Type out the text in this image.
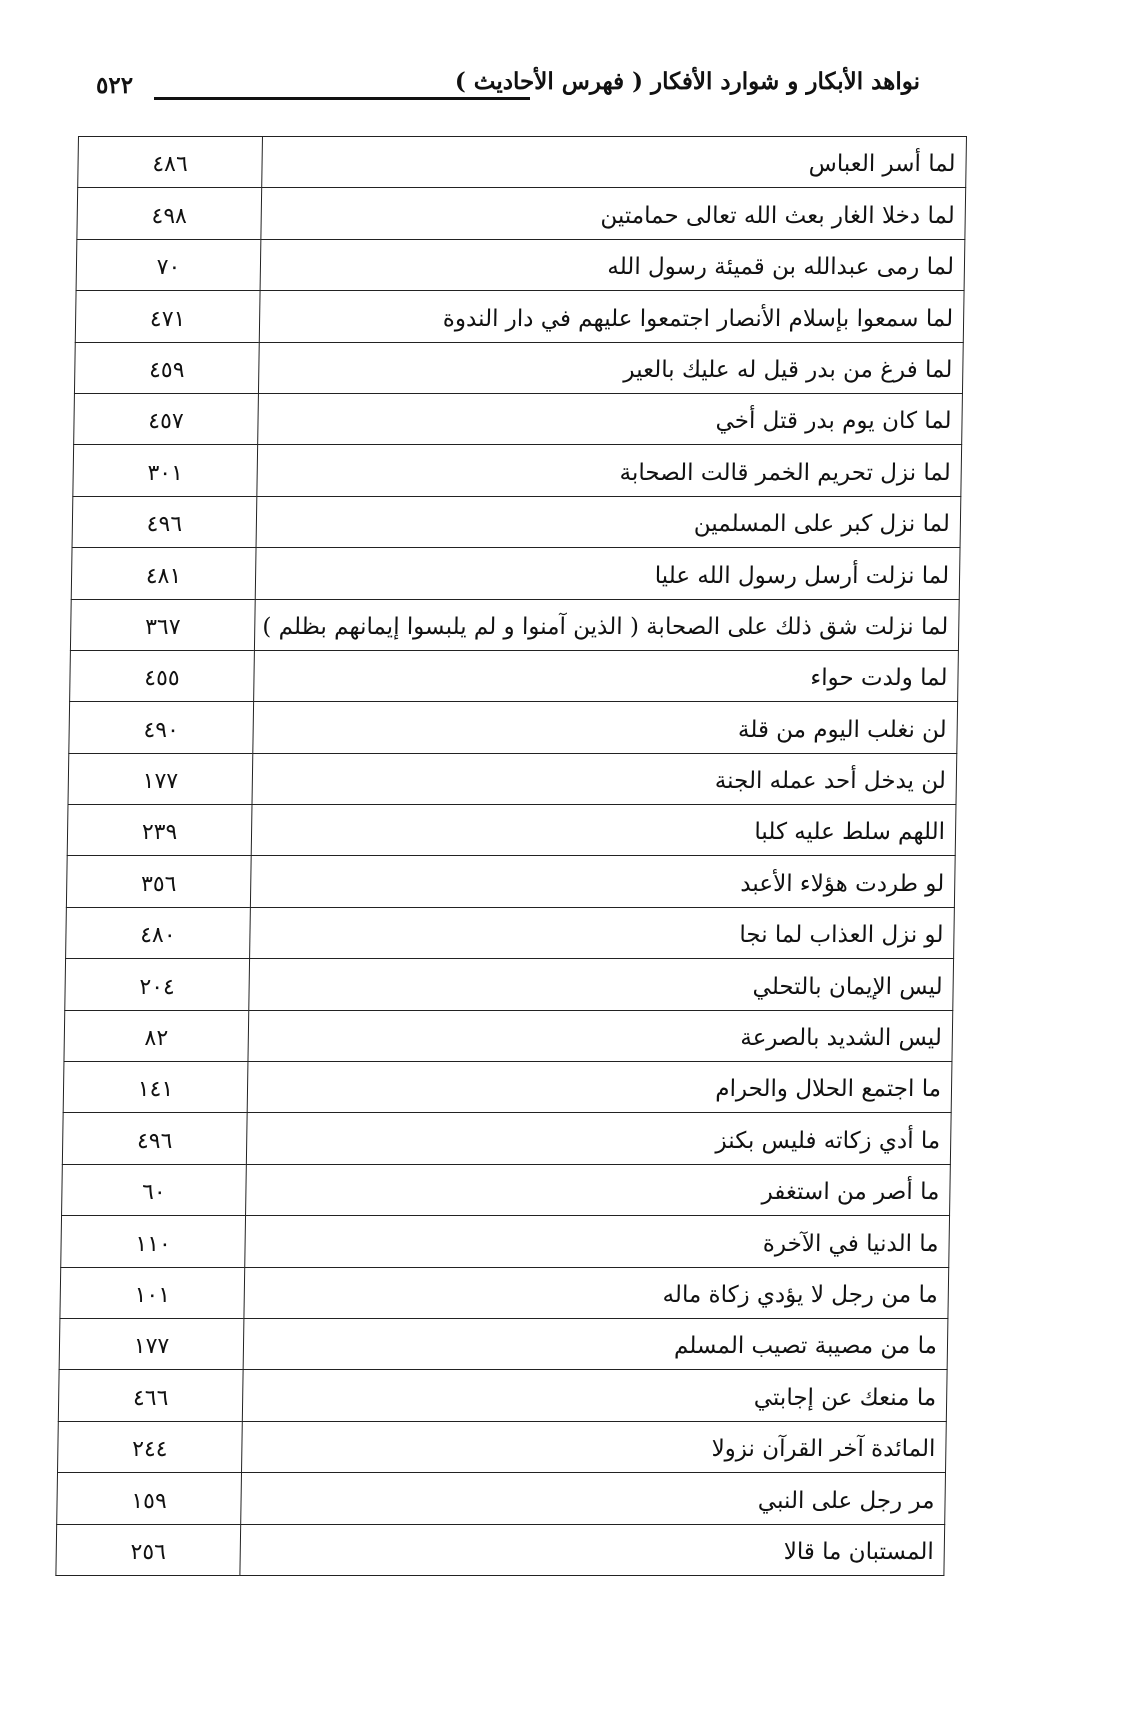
نواهد الأبكار و شوارد الأفكار ( فهرس الأحاديث )
٥٢٢
لما أسر العباس	٤٨٦
لما دخلا الغار بعث الله تعالى حمامتين	٤٩٨
لما رمى عبدالله بن قميئة رسول الله	٧٠
لما سمعوا بإسلام الأنصار اجتمعوا عليهم في دار الندوة	٤٧١
لما فرغ من بدر قيل له عليك بالعير	٤٥٩
لما كان يوم بدر قتل أخي	٤٥٧
لما نزل تحريم الخمر قالت الصحابة	٣٠١
لما نزل كبر على المسلمين	٤٩٦
لما نزلت أرسل رسول الله عليا	٤٨١
لما نزلت شق ذلك على الصحابة ( الذين آمنوا و لم يلبسوا إيمانهم بظلم )	٣٦٧
لما ولدت حواء	٤٥٥
لن نغلب اليوم من قلة	٤٩٠
لن يدخل أحد عمله الجنة	١٧٧
اللهم سلط عليه كلبا	٢٣٩
لو طردت هؤلاء الأعبد	٣٥٦
لو نزل العذاب لما نجا	٤٨٠
ليس الإيمان بالتحلي	٢٠٤
ليس الشديد بالصرعة	٨٢
ما اجتمع الحلال والحرام	١٤١
ما أدي زكاته فليس بكنز	٤٩٦
ما أصر من استغفر	٦٠
ما الدنيا في الآخرة	١١٠
ما من رجل لا يؤدي زكاة ماله	١٠١
ما من مصيبة تصيب المسلم	١٧٧
ما منعك عن إجابتي	٤٦٦
المائدة آخر القرآن نزولا	٢٤٤
مر رجل على النبي	١٥٩
المستبان ما قالا	٢٥٦
